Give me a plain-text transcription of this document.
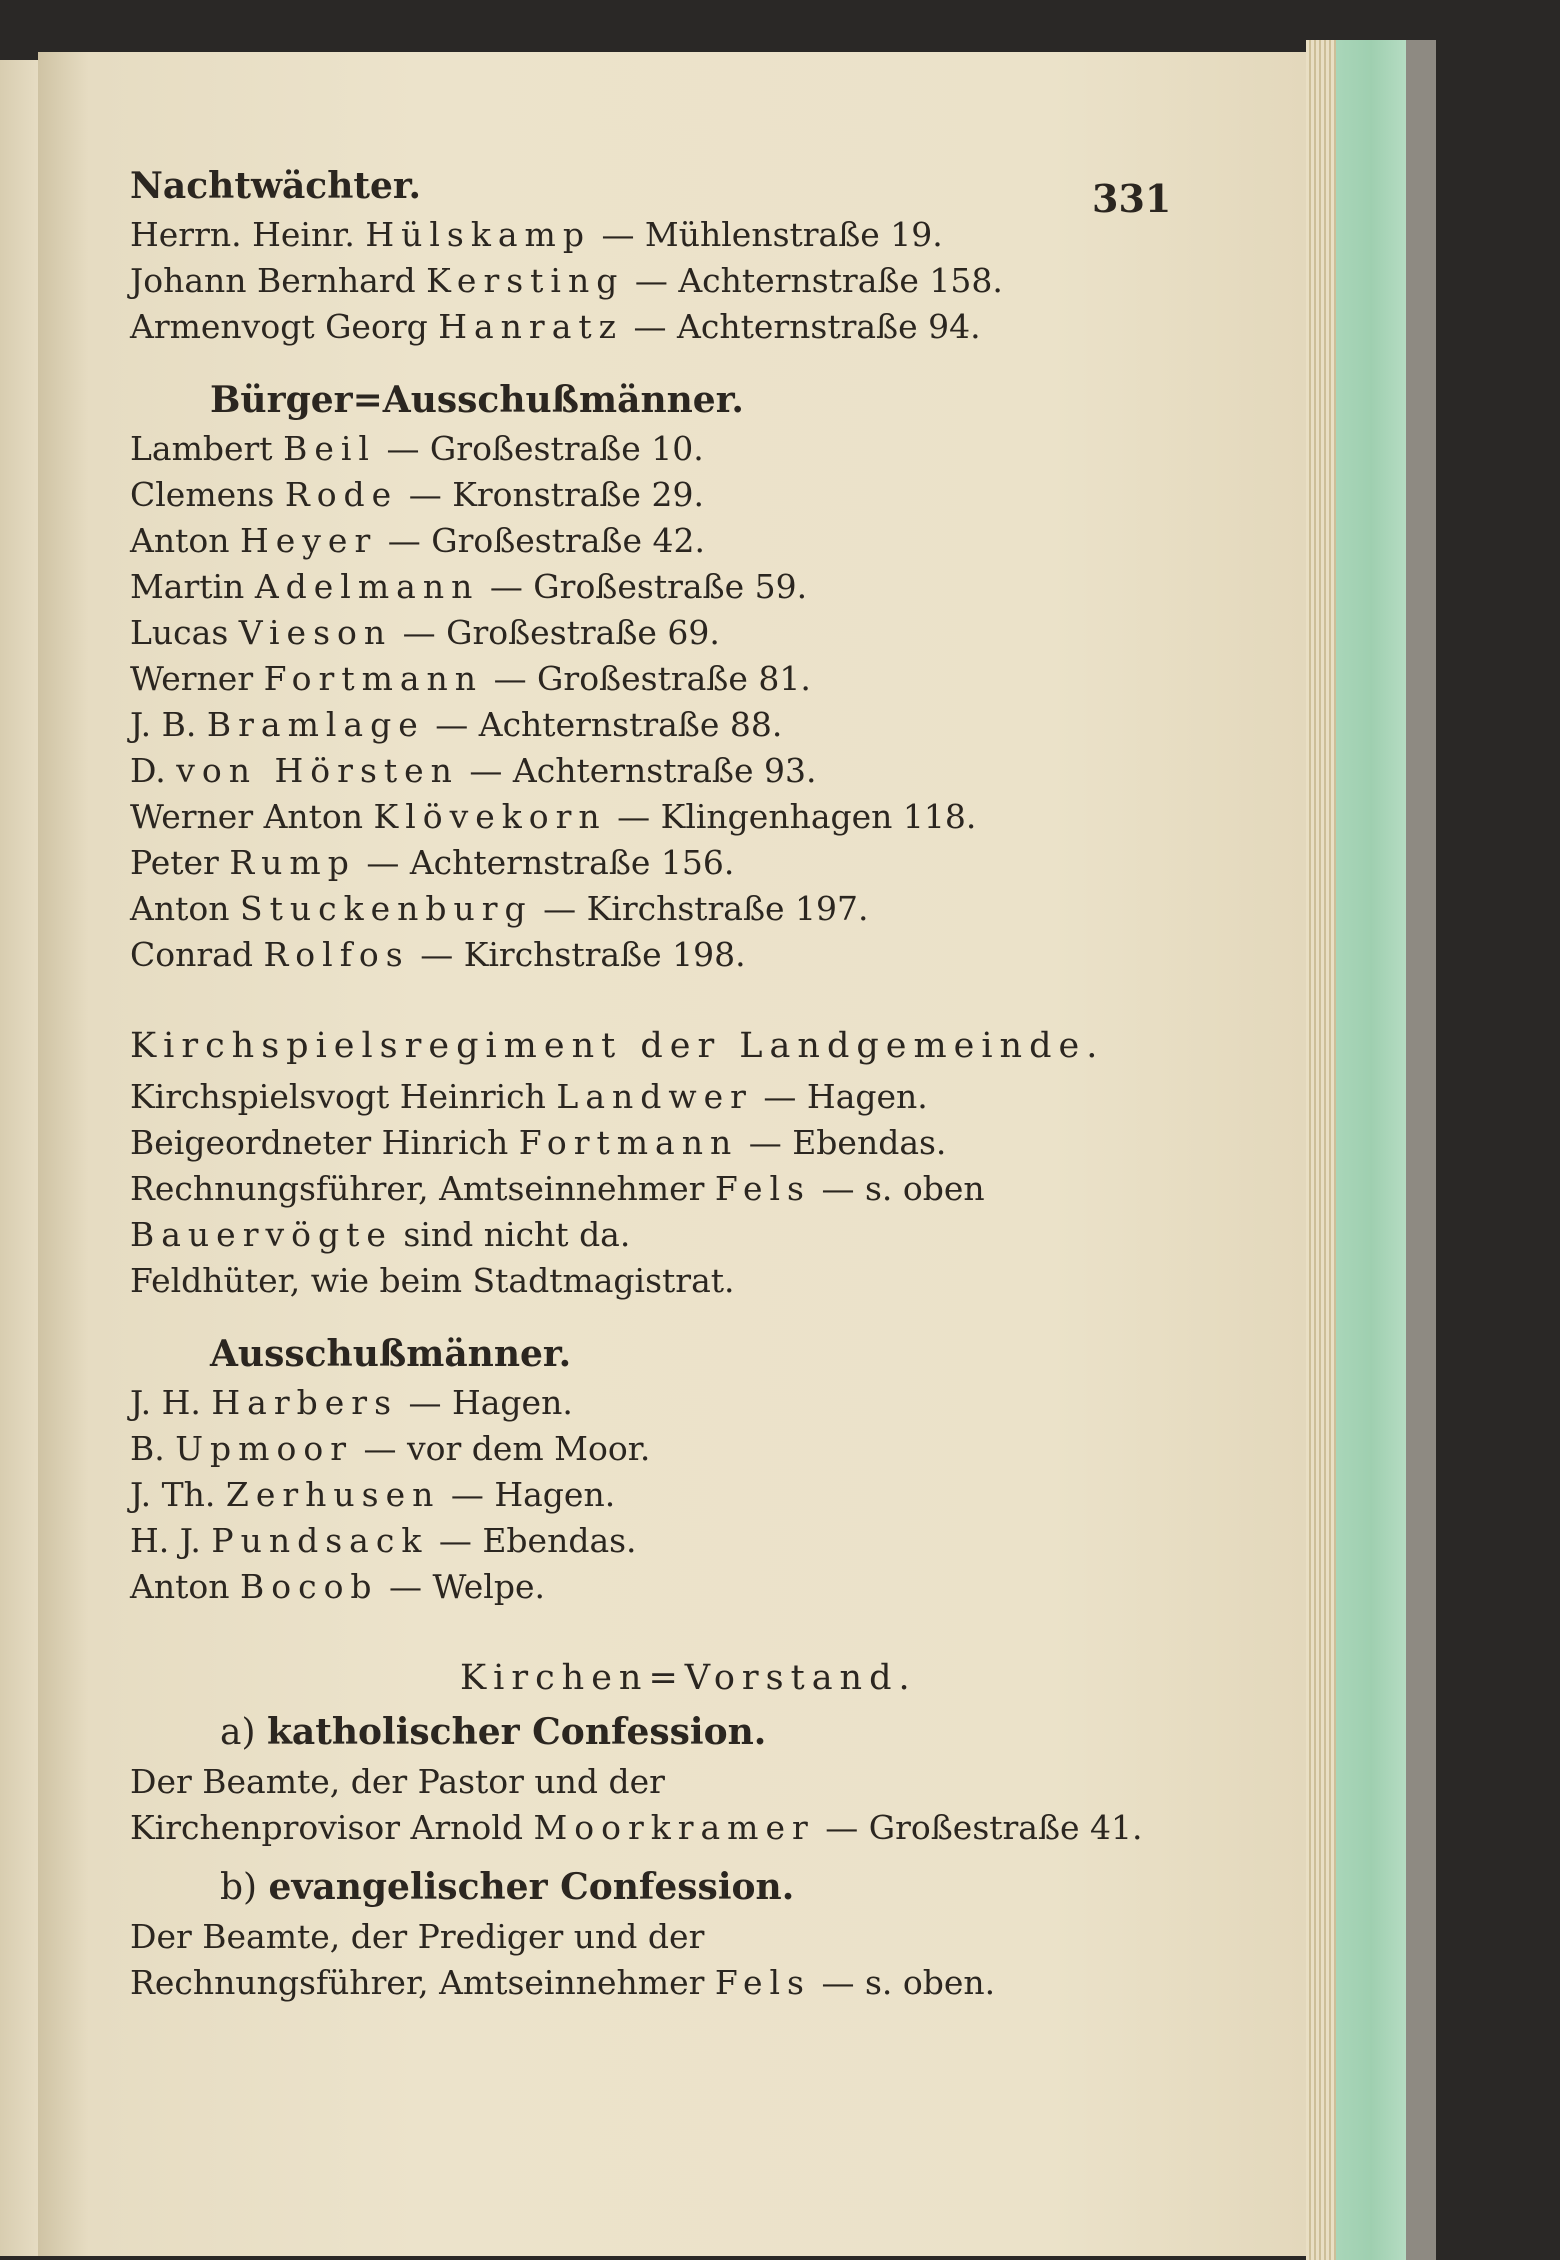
331
Nachtwächter.
Herrn. Heinr. Hülskamp — Mühlenstraße 19.
Johann Bernhard Kersting — Achternstraße 158.
Armenvogt Georg Hanratz — Achternstraße 94.
Bürger=Ausschußmänner.
Lambert Beil — Großestraße 10.
Clemens Rode — Kronstraße 29.
Anton Heyer — Großestraße 42.
Martin Adelmann — Großestraße 59.
Lucas Vieson — Großestraße 69.
Werner Fortmann — Großestraße 81.
J. B. Bramlage — Achternstraße 88.
D. von Hörsten — Achternstraße 93.
Werner Anton Klövekorn — Klingenhagen 118.
Peter Rump — Achternstraße 156.
Anton Stuckenburg — Kirchstraße 197.
Conrad Rolfos — Kirchstraße 198.
Kirchspielsregiment der Landgemeinde.
Kirchspielsvogt Heinrich Landwer — Hagen.
Beigeordneter Hinrich Fortmann — Ebendas.
Rechnungsführer, Amtseinnehmer Fels — s. oben
Bauervögte sind nicht da.
Feldhüter, wie beim Stadtmagistrat.
Ausschußmänner.
J. H. Harbers — Hagen.
B. Upmoor — vor dem Moor.
J. Th. Zerhusen — Hagen.
H. J. Pundsack — Ebendas.
Anton Bocob — Welpe.
Kirchen=Vorstand.
a) katholischer Confession.
Der Beamte, der Pastor und der
Kirchenprovisor Arnold Moorkramer — Großestraße 41.
b) evangelischer Confession.
Der Beamte, der Prediger und der
Rechnungsführer, Amtseinnehmer Fels — s. oben.
